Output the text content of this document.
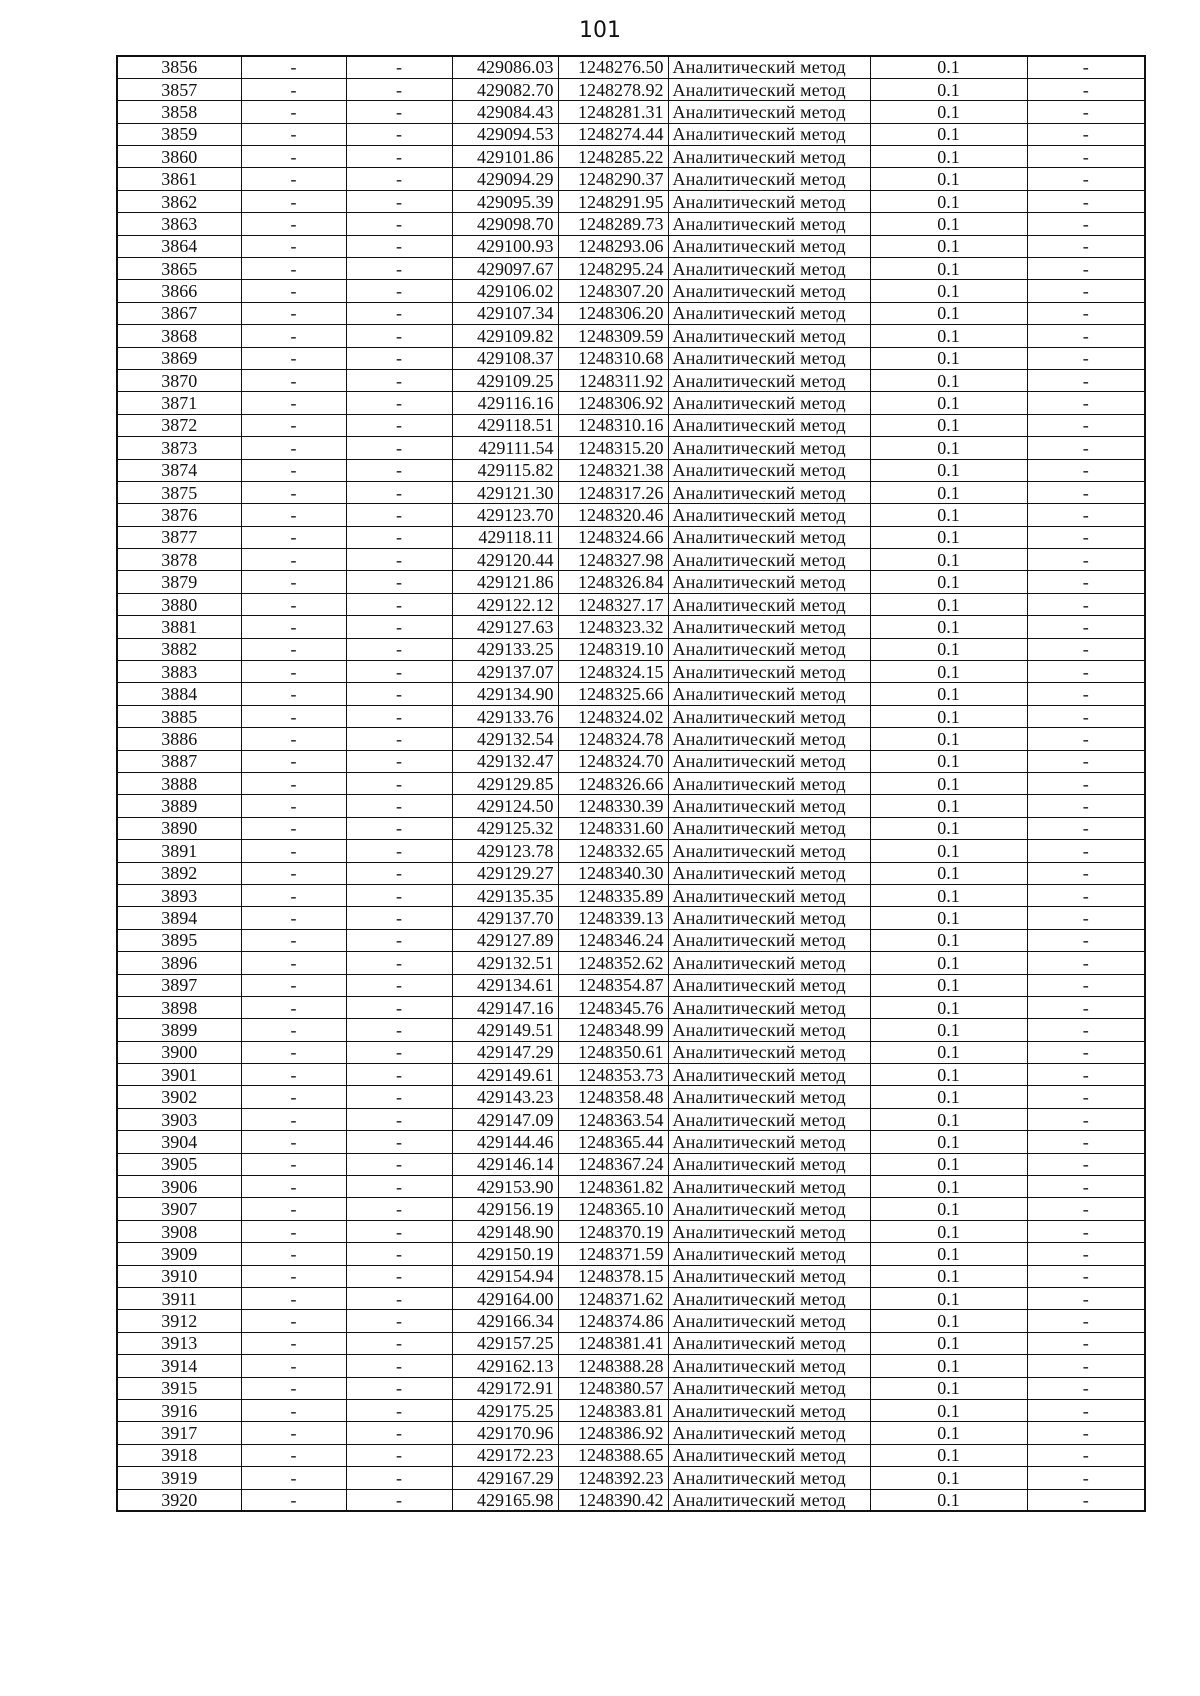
101
3856	-	-	429086.03	1248276.50	Аналитический метод	0.1	-
3857	-	-	429082.70	1248278.92	Аналитический метод	0.1	-
3858	-	-	429084.43	1248281.31	Аналитический метод	0.1	-
3859	-	-	429094.53	1248274.44	Аналитический метод	0.1	-
3860	-	-	429101.86	1248285.22	Аналитический метод	0.1	-
3861	-	-	429094.29	1248290.37	Аналитический метод	0.1	-
3862	-	-	429095.39	1248291.95	Аналитический метод	0.1	-
3863	-	-	429098.70	1248289.73	Аналитический метод	0.1	-
3864	-	-	429100.93	1248293.06	Аналитический метод	0.1	-
3865	-	-	429097.67	1248295.24	Аналитический метод	0.1	-
3866	-	-	429106.02	1248307.20	Аналитический метод	0.1	-
3867	-	-	429107.34	1248306.20	Аналитический метод	0.1	-
3868	-	-	429109.82	1248309.59	Аналитический метод	0.1	-
3869	-	-	429108.37	1248310.68	Аналитический метод	0.1	-
3870	-	-	429109.25	1248311.92	Аналитический метод	0.1	-
3871	-	-	429116.16	1248306.92	Аналитический метод	0.1	-
3872	-	-	429118.51	1248310.16	Аналитический метод	0.1	-
3873	-	-	429111.54	1248315.20	Аналитический метод	0.1	-
3874	-	-	429115.82	1248321.38	Аналитический метод	0.1	-
3875	-	-	429121.30	1248317.26	Аналитический метод	0.1	-
3876	-	-	429123.70	1248320.46	Аналитический метод	0.1	-
3877	-	-	429118.11	1248324.66	Аналитический метод	0.1	-
3878	-	-	429120.44	1248327.98	Аналитический метод	0.1	-
3879	-	-	429121.86	1248326.84	Аналитический метод	0.1	-
3880	-	-	429122.12	1248327.17	Аналитический метод	0.1	-
3881	-	-	429127.63	1248323.32	Аналитический метод	0.1	-
3882	-	-	429133.25	1248319.10	Аналитический метод	0.1	-
3883	-	-	429137.07	1248324.15	Аналитический метод	0.1	-
3884	-	-	429134.90	1248325.66	Аналитический метод	0.1	-
3885	-	-	429133.76	1248324.02	Аналитический метод	0.1	-
3886	-	-	429132.54	1248324.78	Аналитический метод	0.1	-
3887	-	-	429132.47	1248324.70	Аналитический метод	0.1	-
3888	-	-	429129.85	1248326.66	Аналитический метод	0.1	-
3889	-	-	429124.50	1248330.39	Аналитический метод	0.1	-
3890	-	-	429125.32	1248331.60	Аналитический метод	0.1	-
3891	-	-	429123.78	1248332.65	Аналитический метод	0.1	-
3892	-	-	429129.27	1248340.30	Аналитический метод	0.1	-
3893	-	-	429135.35	1248335.89	Аналитический метод	0.1	-
3894	-	-	429137.70	1248339.13	Аналитический метод	0.1	-
3895	-	-	429127.89	1248346.24	Аналитический метод	0.1	-
3896	-	-	429132.51	1248352.62	Аналитический метод	0.1	-
3897	-	-	429134.61	1248354.87	Аналитический метод	0.1	-
3898	-	-	429147.16	1248345.76	Аналитический метод	0.1	-
3899	-	-	429149.51	1248348.99	Аналитический метод	0.1	-
3900	-	-	429147.29	1248350.61	Аналитический метод	0.1	-
3901	-	-	429149.61	1248353.73	Аналитический метод	0.1	-
3902	-	-	429143.23	1248358.48	Аналитический метод	0.1	-
3903	-	-	429147.09	1248363.54	Аналитический метод	0.1	-
3904	-	-	429144.46	1248365.44	Аналитический метод	0.1	-
3905	-	-	429146.14	1248367.24	Аналитический метод	0.1	-
3906	-	-	429153.90	1248361.82	Аналитический метод	0.1	-
3907	-	-	429156.19	1248365.10	Аналитический метод	0.1	-
3908	-	-	429148.90	1248370.19	Аналитический метод	0.1	-
3909	-	-	429150.19	1248371.59	Аналитический метод	0.1	-
3910	-	-	429154.94	1248378.15	Аналитический метод	0.1	-
3911	-	-	429164.00	1248371.62	Аналитический метод	0.1	-
3912	-	-	429166.34	1248374.86	Аналитический метод	0.1	-
3913	-	-	429157.25	1248381.41	Аналитический метод	0.1	-
3914	-	-	429162.13	1248388.28	Аналитический метод	0.1	-
3915	-	-	429172.91	1248380.57	Аналитический метод	0.1	-
3916	-	-	429175.25	1248383.81	Аналитический метод	0.1	-
3917	-	-	429170.96	1248386.92	Аналитический метод	0.1	-
3918	-	-	429172.23	1248388.65	Аналитический метод	0.1	-
3919	-	-	429167.29	1248392.23	Аналитический метод	0.1	-
3920	-	-	429165.98	1248390.42	Аналитический метод	0.1	-
